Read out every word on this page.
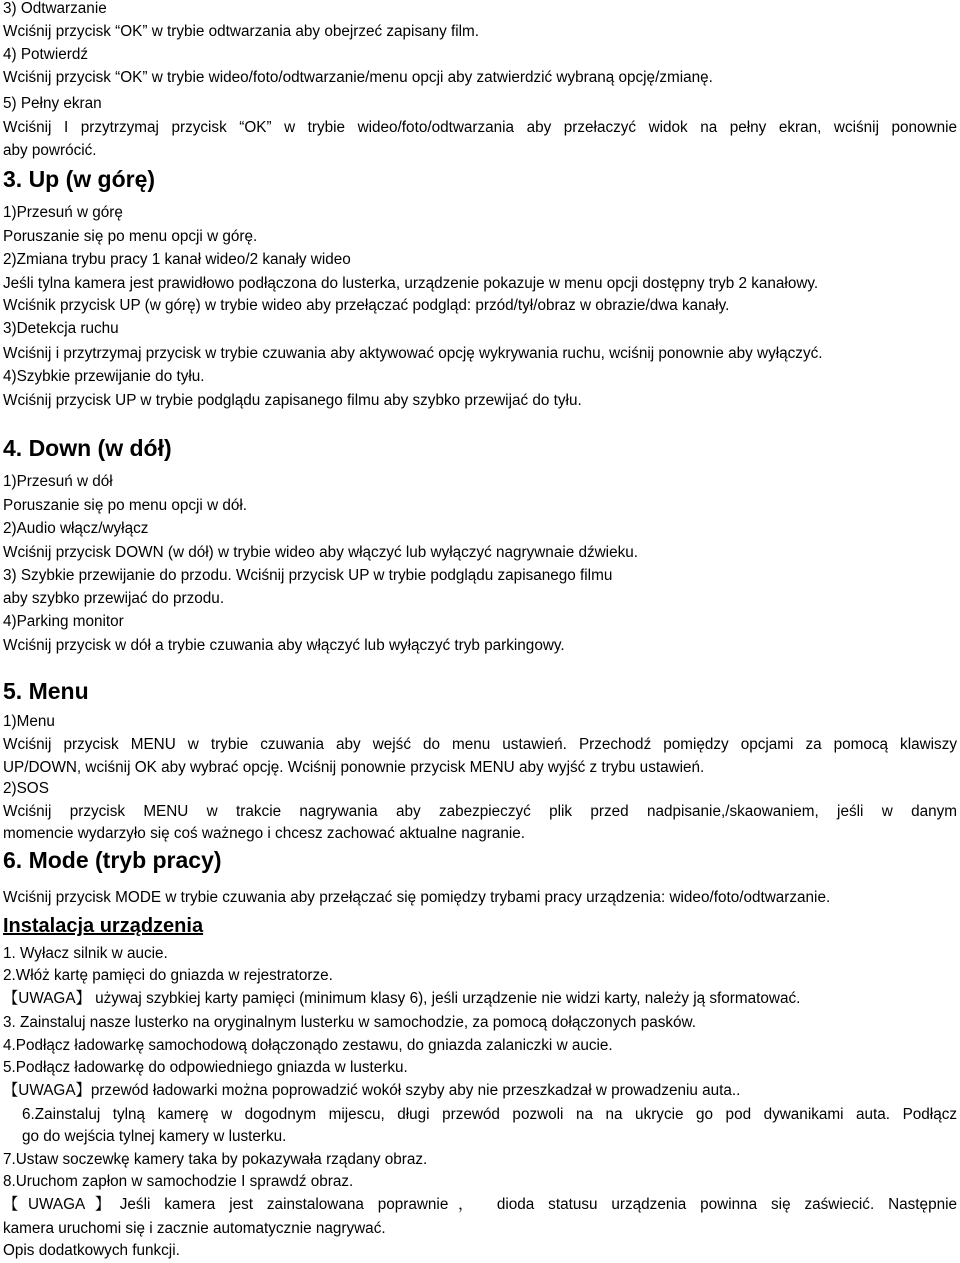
3) Odtwarzanie
Wciśnij przycisk “OK” w trybie odtwarzania aby obejrzeć zapisany film.
4) Potwierdź
Wciśnij przycisk “OK” w trybie wideo/foto/odtwarzanie/menu opcji aby zatwierdzić wybraną opcję/zmianę.
5) Pełny ekran
Wciśnij I przytrzymaj przycisk “OK” w trybie wideo/foto/odtwarzania aby przełaczyć widok na pełny ekran, wciśnij ponownie
aby powrócić.
3. Up (w górę)
1)Przesuń w górę
Poruszanie się po menu opcji w górę.
2)Zmiana trybu pracy 1 kanał wideo/2 kanały wideo
Jeśli tylna kamera jest prawidłowo podłączona do lusterka, urządzenie pokazuje w menu opcji dostępny tryb 2 kanałowy.
Wciśnik przycisk UP (w górę) w trybie wideo aby przełączać podgląd: przód/tył/obraz w obrazie/dwa kanały.
3)Detekcja ruchu
Wciśnij i przytrzymaj przycisk w trybie czuwania aby aktywować opcję wykrywania ruchu, wciśnij ponownie aby wyłączyć.
4)Szybkie przewijanie do tyłu.
Wciśnij przycisk UP w trybie podglądu zapisanego filmu aby szybko przewijać do tyłu.
4. Down (w dół)
1)Przesuń w dół
Poruszanie się po menu opcji w dół.
2)Audio włącz/wyłącz
Wciśnij przycisk DOWN (w dół) w trybie wideo aby włączyć lub wyłączyć nagrywnaie dźwieku.
3) Szybkie przewijanie do przodu. Wciśnij przycisk UP w trybie podglądu zapisanego filmu
aby szybko przewijać do przodu.
4)Parking monitor
Wciśnij przycisk w dół a trybie czuwania aby włączyć lub wyłączyć tryb parkingowy.
5. Menu
1)Menu
Wciśnij przycisk MENU w trybie czuwania aby wejść do menu ustawień. Przechodź pomiędzy opcjami za pomocą klawiszy
UP/DOWN, wciśnij OK aby wybrać opcję. Wciśnij ponownie przycisk MENU aby wyjść z trybu ustawień.
2)SOS
Wciśnij przycisk MENU w trakcie nagrywania aby zabezpieczyć plik przed nadpisanie,/skaowaniem, jeśli w danym
momencie wydarzyło się coś ważnego i chcesz zachować aktualne nagranie.
6. Mode (tryb pracy)
Wciśnij przycisk MODE w trybie czuwania aby przełączać się pomiędzy trybami pracy urządzenia: wideo/foto/odtwarzanie.
Instalacja urządzenia
1. Wyłacz silnik w aucie.
2.Włóż kartę pamięci do gniazda w rejestratorze.
【UWAGA】 używaj szybkiej karty pamięci (minimum klasy 6), jeśli urządzenie nie widzi karty, należy ją sformatować.
3. Zainstaluj nasze lusterko na oryginalnym lusterku w samochodzie, za pomocą dołączonych pasków.
4.Podłącz ładowarkę samochodową dołączonądo zestawu, do gniazda zalaniczki w aucie.
5.Podłącz ładowarkę do odpowiedniego gniazda w lusterku.
【UWAGA】przewód ładowarki można poprowadzić wokół szyby aby nie przeszkadzał w prowadzeniu auta..
6.Zainstaluj tylną kamerę w dogodnym mijescu, długi przewód pozwoli na na ukrycie go pod dywanikami auta. Podłącz
go do wejścia tylnej kamery w lusterku.
7.Ustaw soczewkę kamery taka by pokazywała rządany obraz.
8.Uruchom zapłon w samochodzie I sprawdź obraz.
【UWAGA】Jeśli kamera jest zainstalowana poprawnie， dioda statusu urządzenia powinna się zaświecić. Następnie
kamera uruchomi się i zacznie automatycznie nagrywać.
Opis dodatkowych funkcji.
